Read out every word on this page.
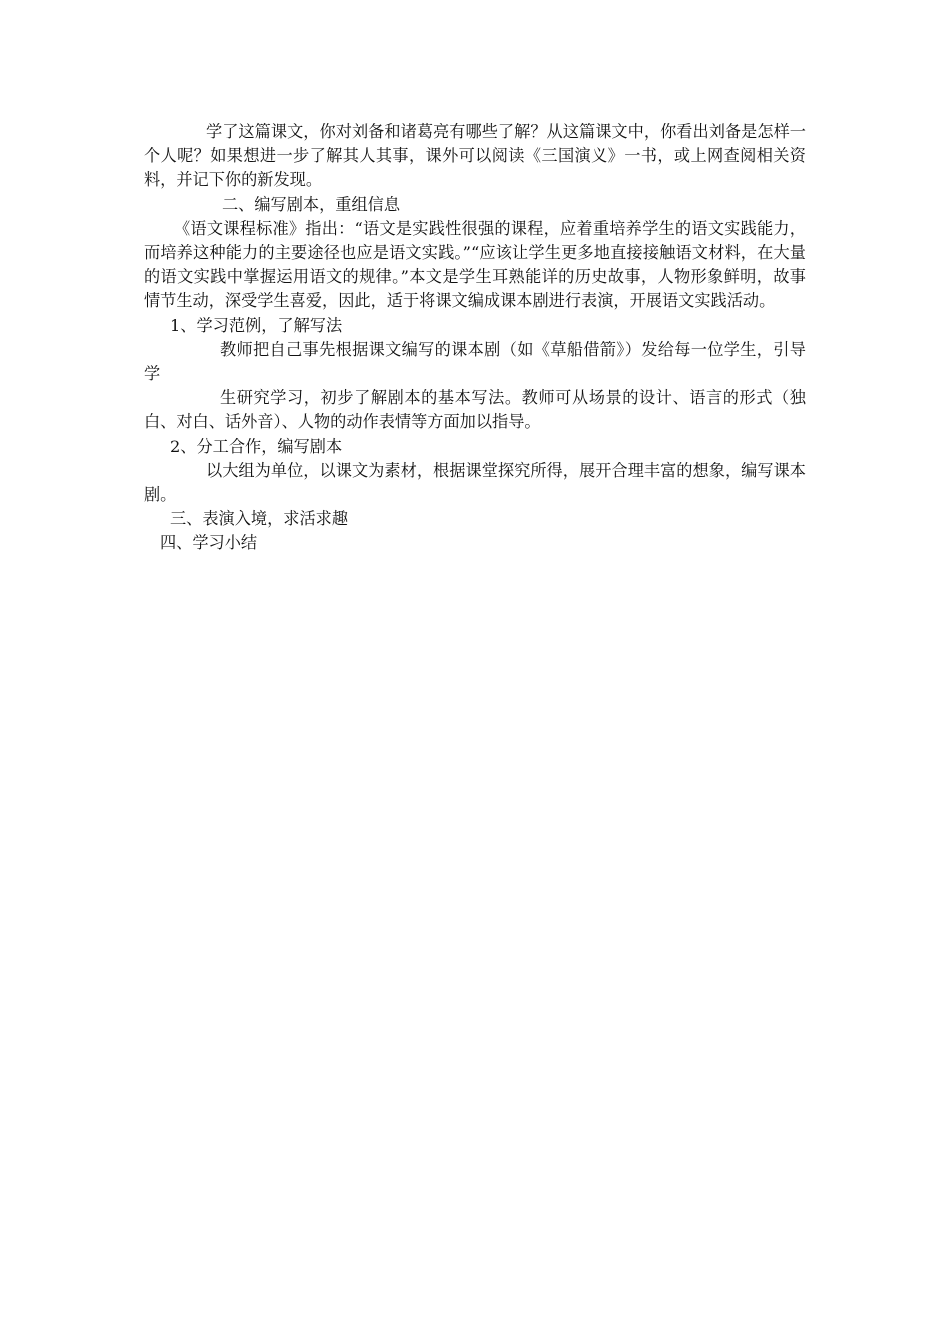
学了这篇课文，你对刘备和诸葛亮有哪些了解？从这篇课文中，你看出刘备是怎样一个人呢？如果想进一步了解其人其事，课外可以阅读《三国演义》一书，或上网查阅相关资料，并记下你的新发现。

二、编写剧本，重组信息

《语文课程标准》指出：“语文是实践性很强的课程，应着重培养学生的语文实践能力，而培养这种能力的主要途径也应是语文实践。”“应该让学生更多地直接接触语文材料，在大量的语文实践中掌握运用语文的规律。”本文是学生耳熟能详的历史故事，人物形象鲜明，故事情节生动，深受学生喜爱，因此，适于将课文编成课本剧进行表演，开展语文实践活动。

1、学习范例，了解写法

教师把自己事先根据课文编写的课本剧（如《草船借箭》）发给每一位学生，引导学

生研究学习，初步了解剧本的基本写法。教师可从场景的设计、语言的形式（独白、对白、话外音）、人物的动作表情等方面加以指导。

2、分工合作，编写剧本

以大组为单位，以课文为素材，根据课堂探究所得，展开合理丰富的想象，编写课本剧。

三、表演入境，求活求趣

四、学习小结
